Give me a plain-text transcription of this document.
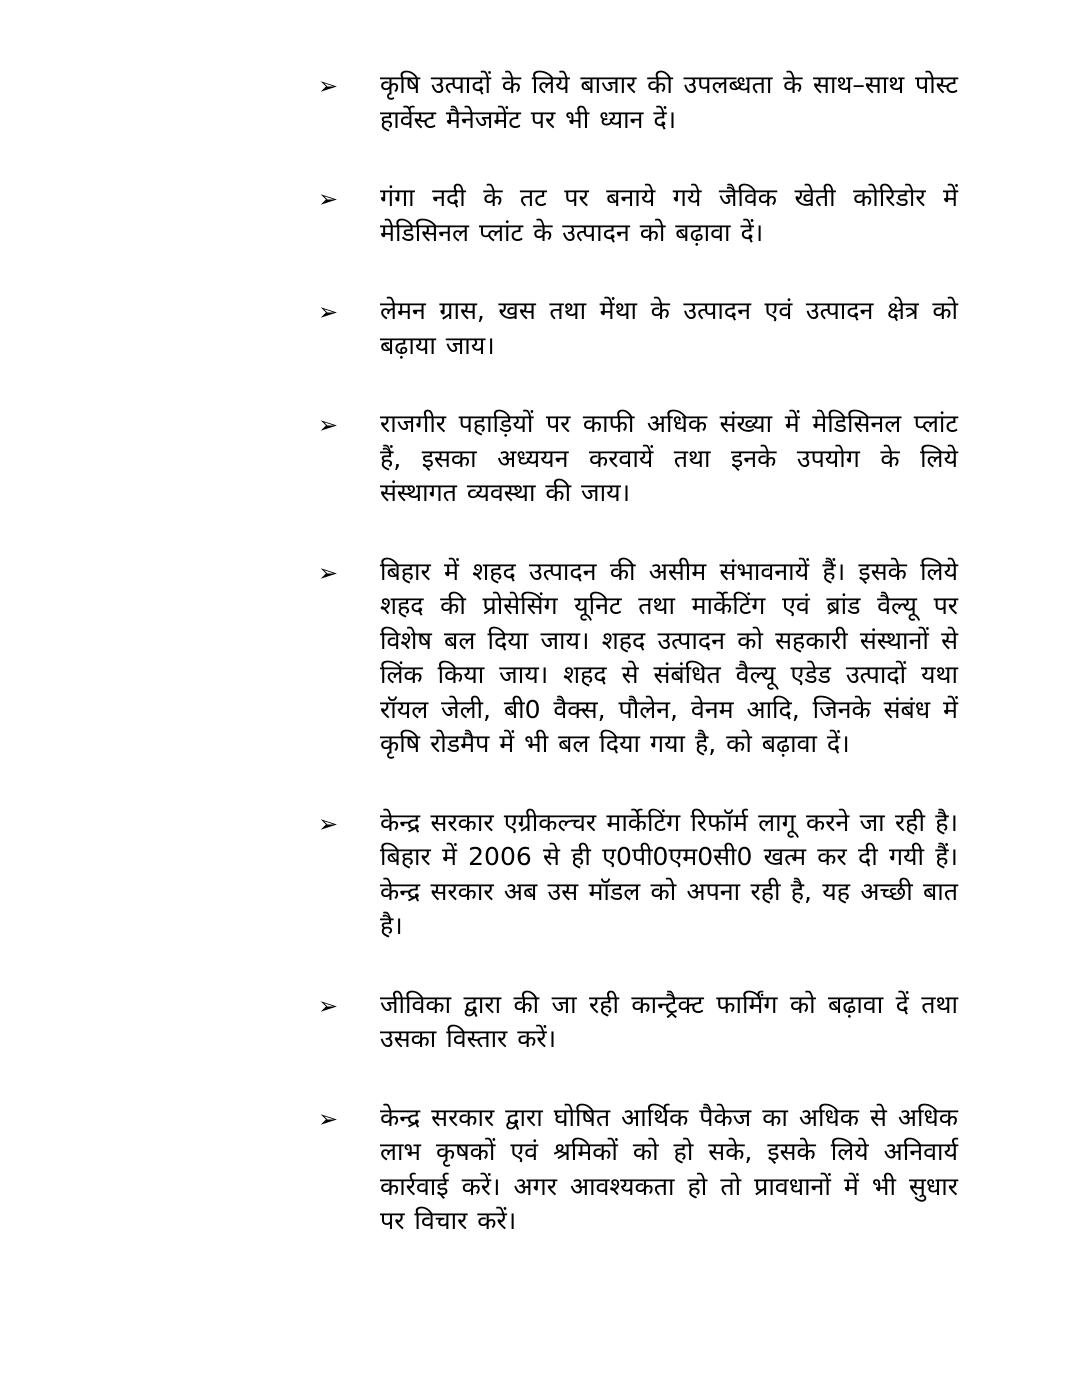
➢ कृषि उत्पादों के लिये बाजार की उपलब्धता के साथ–साथ पोस्ट हार्वेस्ट मैनेजमेंट पर भी ध्यान दें।
➢ गंगा नदी के तट पर बनाये गये जैविक खेती कोरिडोर में मेडिसिनल प्लांट के उत्पादन को बढ़ावा दें।
➢ लेमन ग्रास, खस तथा मेंथा के उत्पादन एवं उत्पादन क्षेत्र को बढ़ाया जाय।
➢ राजगीर पहाड़ियों पर काफी अधिक संख्या में मेडिसिनल प्लांट हैं, इसका अध्ययन करवायें तथा इनके उपयोग के लिये संस्थागत व्यवस्था की जाय।
➢ बिहार में शहद उत्पादन की असीम संभावनायें हैं। इसके लिये शहद की प्रोसेसिंग यूनिट तथा मार्केटिंग एवं ब्रांड वैल्यू पर विशेष बल दिया जाय। शहद उत्पादन को सहकारी संस्थानों से लिंक किया जाय। शहद से संबंधित वैल्यू एडेड उत्पादों यथा रॉयल जेली, बी0 वैक्स, पौलेन, वेनम आदि, जिनके संबंध में कृषि रोडमैप में भी बल दिया गया है, को बढ़ावा दें।
➢ केन्द्र सरकार एग्रीकल्चर मार्केटिंग रिफॉर्म लागू करने जा रही है। बिहार में 2006 से ही ए0पी0एम0सी0 खत्म कर दी गयी हैं। केन्द्र सरकार अब उस मॉडल को अपना रही है, यह अच्छी बात है।
➢ जीविका द्वारा की जा रही कान्ट्रैक्ट फार्मिंग को बढ़ावा दें तथा उसका विस्तार करें।
➢ केन्द्र सरकार द्वारा घोषित आर्थिक पैकेज का अधिक से अधिक लाभ कृषकों एवं श्रमिकों को हो सके, इसके लिये अनिवार्य कार्रवाई करें। अगर आवश्यकता हो तो प्रावधानों में भी सुधार पर विचार करें।
